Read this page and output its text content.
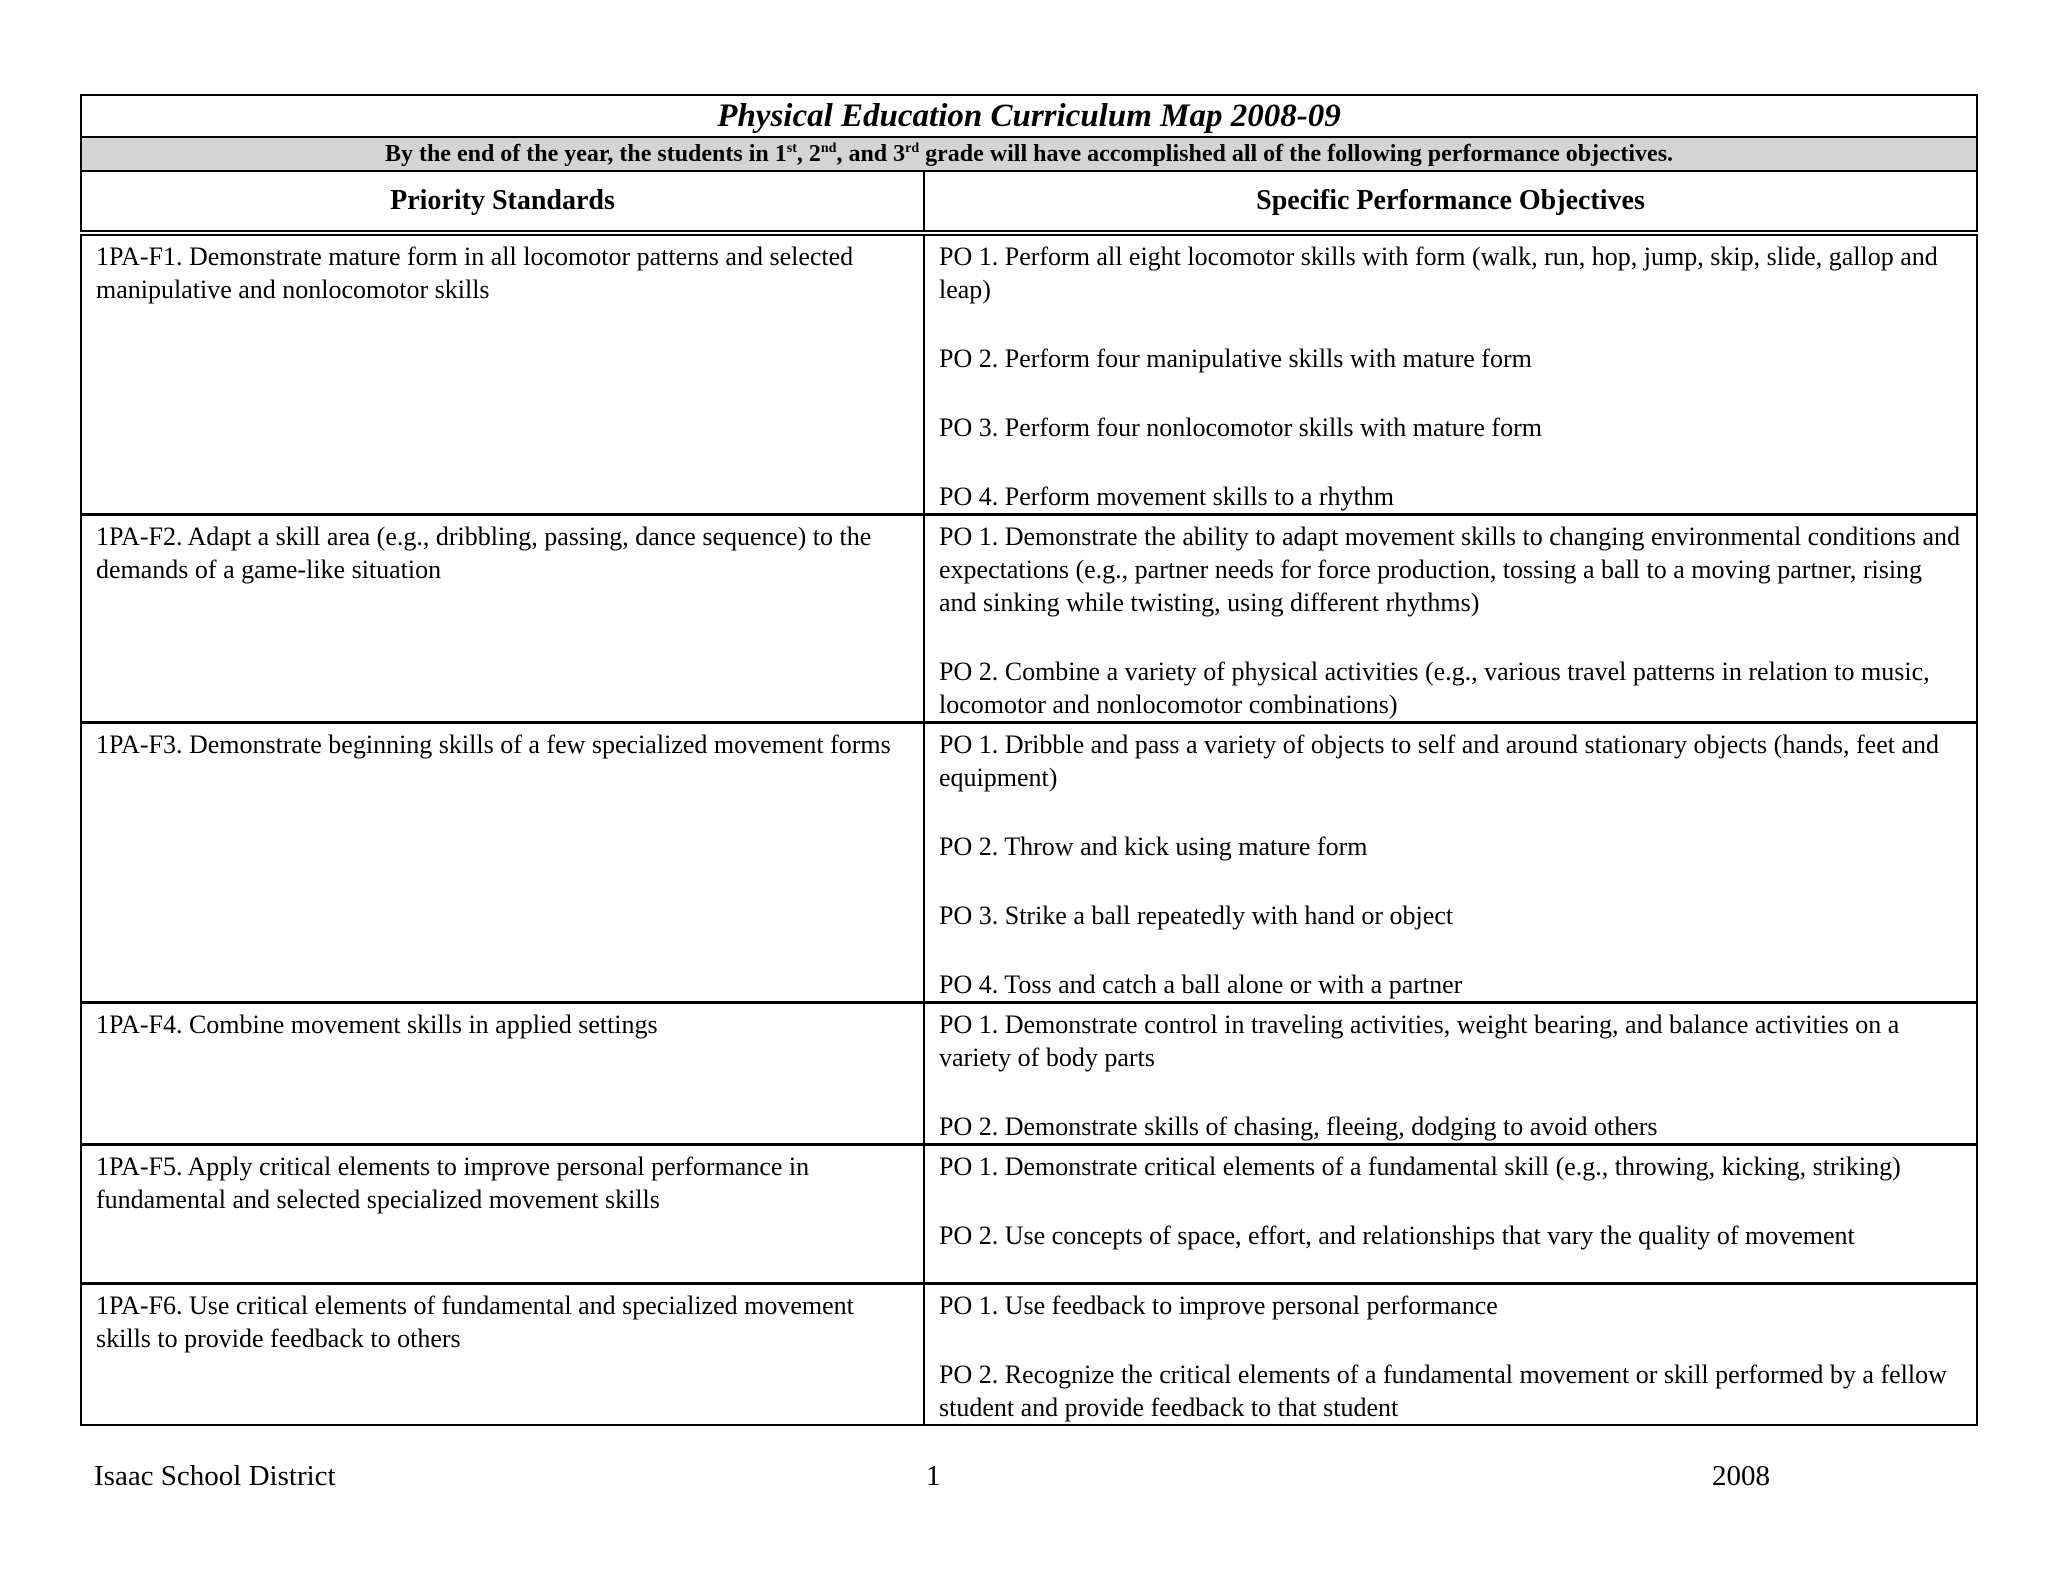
Physical Education Curriculum Map 2008-09	
By the end of the year, the students in 1st, 2nd, and 3rd grade will have accomplished all of the following performance objectives.	
Priority Standards	Specific Performance Objectives
1PA-F1. Demonstrate mature form in all locomotor patterns and selected manipulative and nonlocomotor skills	PO 1. Perform all eight locomotor skills with form (walk, run, hop, jump, skip, slide, gallop and leap)
PO 2. Perform four manipulative skills with mature form
PO 3. Perform four nonlocomotor skills with mature form
PO 4. Perform movement skills to a rhythm

1PA-F2. Adapt a skill area (e.g., dribbling, passing, dance sequence) to the demands of a game-like situation	PO 1. Demonstrate the ability to adapt movement skills to changing environmental conditions and expectations (e.g., partner needs for force production, tossing a ball to a moving partner, rising and sinking while twisting, using different rhythms)
PO 2. Combine a variety of physical activities (e.g., various travel patterns in relation to music, locomotor and nonlocomotor combinations)

1PA-F3. Demonstrate beginning skills of a few specialized movement forms	PO 1. Dribble and pass a variety of objects to self and around stationary objects (hands, feet and equipment)
PO 2. Throw and kick using mature form
PO 3. Strike a ball repeatedly with hand or object
PO 4. Toss and catch a ball alone or with a partner

1PA-F4. Combine movement skills in applied settings	PO 1. Demonstrate control in traveling activities, weight bearing, and balance activities on a variety of body parts
PO 2. Demonstrate skills of chasing, fleeing, dodging to avoid others

1PA-F5. Apply critical elements to improve personal performance in fundamental and selected specialized movement skills	PO 1. Demonstrate critical elements of a fundamental skill (e.g., throwing, kicking, striking)
PO 2. Use concepts of space, effort, and relationships that vary the quality of movement

1PA-F6. Use critical elements of fundamental and specialized movement skills to provide feedback to others	PO 1. Use feedback to improve personal performance
PO 2. Recognize the critical elements of a fundamental movement or skill performed by a fellow student and provide feedback to that student
Isaac School District	1	2008
